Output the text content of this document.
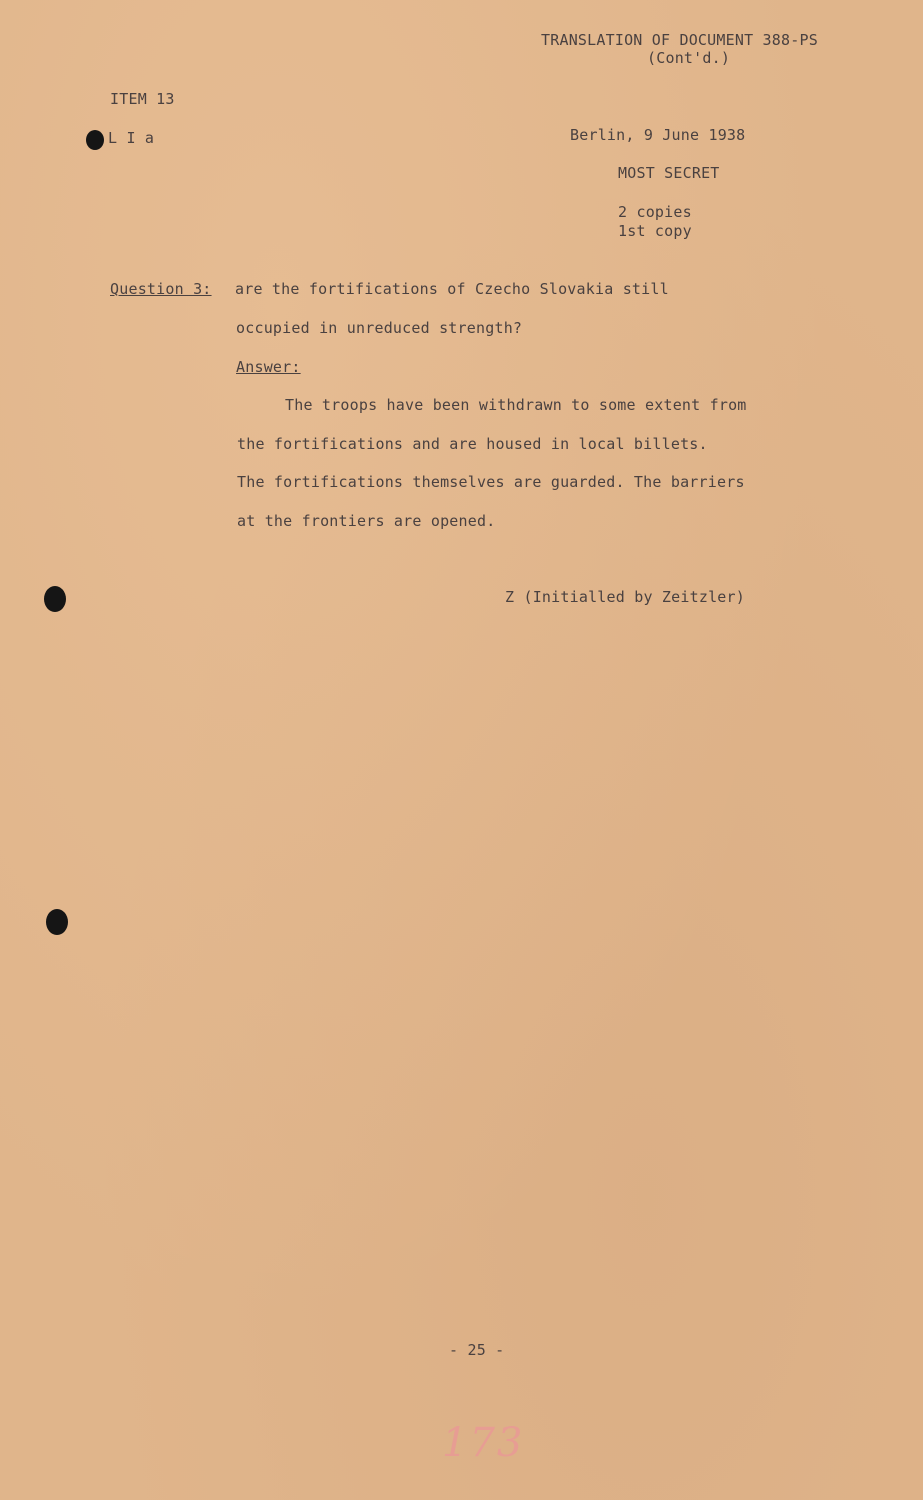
TRANSLATION OF DOCUMENT 388-PS
(Cont'd.)
ITEM 13
L I a	Berlin, 9 June 1938
MOST SECRET
2 copies
1st copy
Question 3: are the fortifications of Czecho Slovakia still
occupied in unreduced strength?
Answer:
The troops have been withdrawn to some extent from
the fortifications and are housed in local billets.
The fortifications themselves are guarded. The barriers
at the frontiers are opened.
Z (Initialled by Zeitzler)
- 25 -
173
